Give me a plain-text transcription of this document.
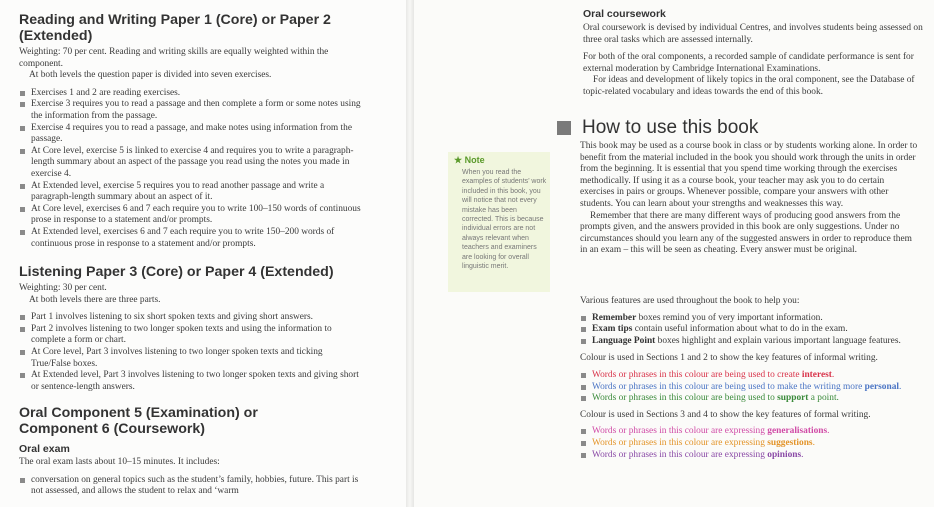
Reading and Writing Paper 1 (Core) or Paper 2
(Extended)

Weighting: 70 per cent. Reading and writing skills are equally weighted within the component.

At both levels the question paper is divided into seven exercises.

Exercises 1 and 2 are reading exercises.
Exercise 3 requires you to read a passage and then complete a form or some notes using the information from the passage.
Exercise 4 requires you to read a passage, and make notes using information from the passage.
At Core level, exercise 5 is linked to exercise 4 and requires you to write a paragraph-length summary about an aspect of the passage you read using the notes you made in exercise 4.
At Extended level, exercise 5 requires you to read another passage and write a paragraph-length summary about an aspect of it.
At Core level, exercises 6 and 7 each require you to write 100–150 words of continuous prose in response to a statement and/or prompts.
At Extended level, exercises 6 and 7 each require you to write 150–200 words of continuous prose in response to a statement and/or prompts.
Listening Paper 3 (Core) or Paper 4 (Extended)

Weighting: 30 per cent.

At both levels there are three parts.

Part 1 involves listening to six short spoken texts and giving short answers.
Part 2 involves listening to two longer spoken texts and using the information to complete a form or chart.
At Core level, Part 3 involves listening to two longer spoken texts and ticking True/False boxes.
At Extended level, Part 3 involves listening to two longer spoken texts and giving short or sentence-length answers.
Oral Component 5 (Examination) or
Component 6 (Coursework)
Oral exam

The oral exam lasts about 10–15 minutes. It includes:

conversation on general topics such as the student’s family, hobbies, future. This part is not assessed, and allows the student to relax and ‘warm
★ Note
When you read the examples of students’ work included in this book, you will notice that not every mistake has been corrected. This is because individual errors are not always relevant when teachers and examiners are looking for overall linguistic merit.
Oral coursework

Oral coursework is devised by individual Centres, and involves students being assessed on three oral tasks which are assessed internally.

For both of the oral components, a recorded sample of candidate performance is sent for external moderation by Cambridge International Examinations.

For ideas and development of likely topics in the oral component, see the Database of topic-related vocabulary and ideas towards the end of this book.

How to use this book

This book may be used as a course book in class or by students working alone. In order to benefit from the material included in the book you should work through the units in order from the beginning. It is essential that you spend time working through the exercises methodically. If using it as a course book, your teacher may ask you to do certain exercises in pairs or groups. Whenever possible, compare your answers with other students. You can learn about your strengths and weaknesses this way.

Remember that there are many different ways of producing good answers from the prompts given, and the answers provided in this book are only suggestions. Under no circumstances should you learn any of the suggested answers in order to reproduce them in an exam – this will be seen as cheating. Every answer must be original.

Various features are used throughout the book to help you:

Remember boxes remind you of very important information.
Exam tips contain useful information about what to do in the exam.
Language Point boxes highlight and explain various important language features.

Colour is used in Sections 1 and 2 to show the key features of informal writing.

Words or phrases in this colour are being used to create interest.
Words or phrases in this colour are being used to make the writing more personal.
Words or phrases in this colour are being used to support a point.

Colour is used in Sections 3 and 4 to show the key features of formal writing.

Words or phrases in this colour are expressing generalisations.
Words or phrases in this colour are expressing suggestions.
Words or phrases in this colour are expressing opinions.
